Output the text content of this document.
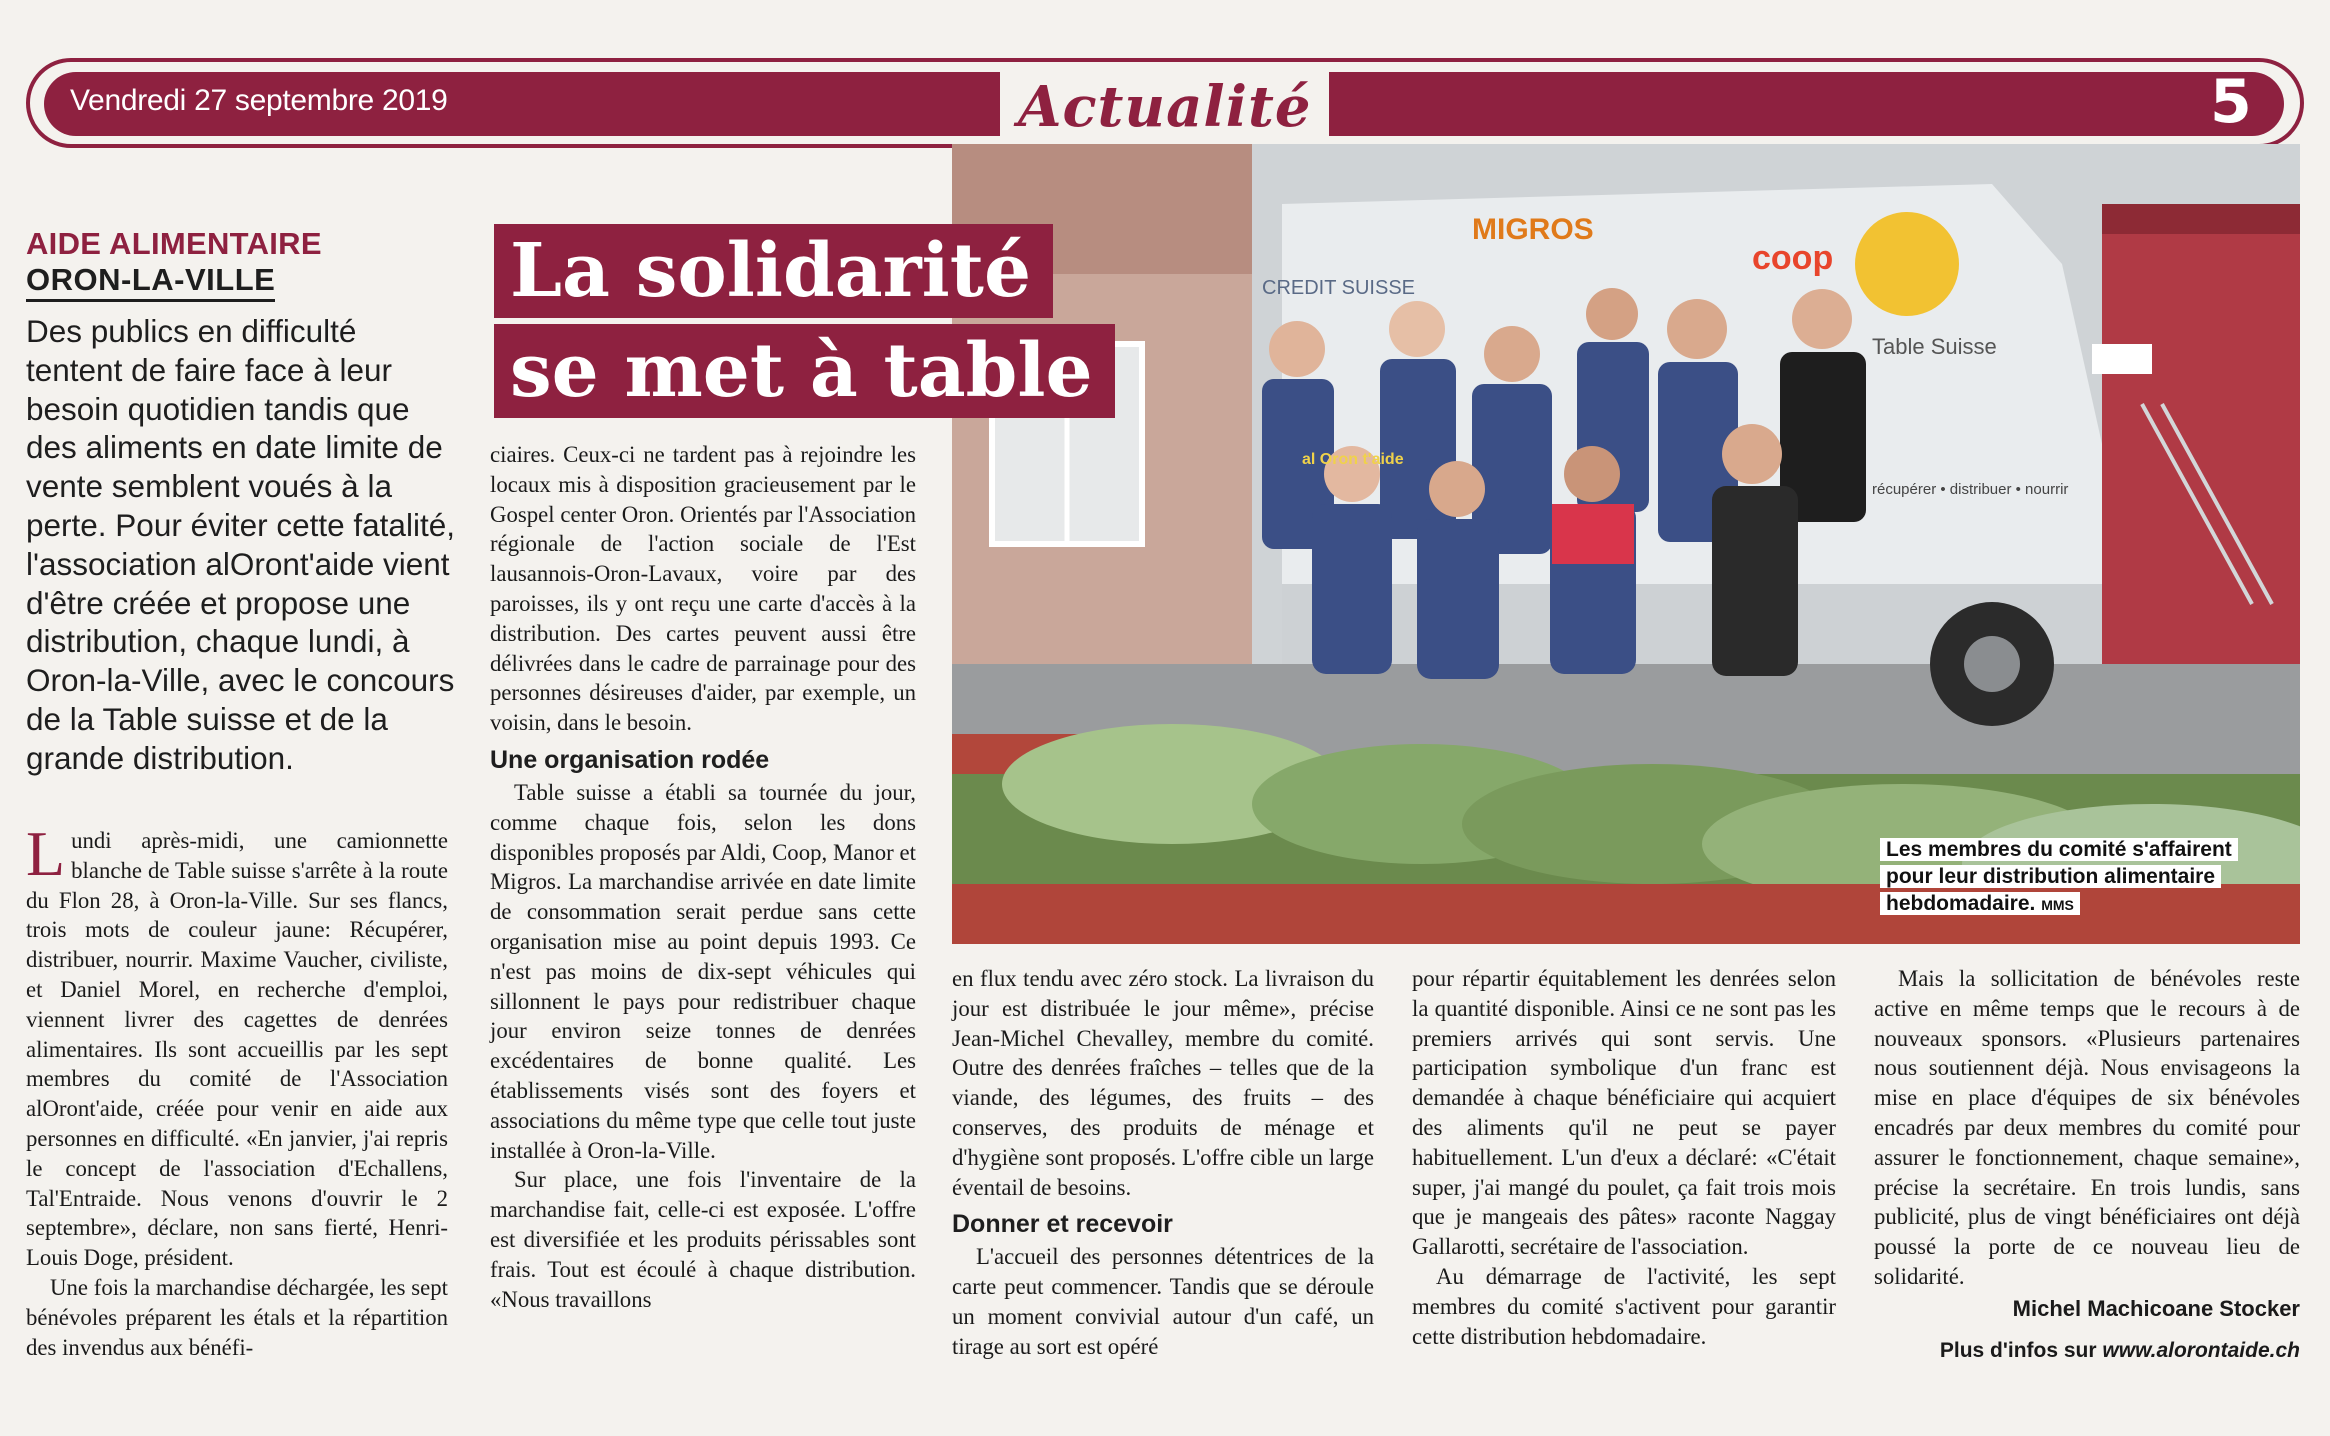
Vendredi 27 septembre 2019	Actualité	5
AIDE ALIMENTAIRE
ORON-LA-VILLE
Des publics en difficulté tentent de faire face à leur besoin quotidien tandis que des aliments en date limite de vente semblent voués à la perte. Pour éviter cette fatalité, l'association alOront'aide vient d'être créée et propose une distribution, chaque lundi, à Oron-la-Ville, avec le concours de la Table suisse et de la grande distribution.
MIGROS
coop
CREDIT SUISSE
Table Suisse
récupérer • distribuer • nourrir
al Oron t'aide
Les membres du comité s'affairent
pour leur distribution alimentaire
hebdomadaire. MMS
La solidarité
se met à table

Lundi après-midi, une camionnette blanche de Table suisse s'arrête à la route du Flon 28, à Oron-la-Ville. Sur ses flancs, trois mots de couleur jaune: Récupérer, distribuer, nourrir. Maxime Vaucher, civiliste, et Daniel Morel, en recherche d'emploi, viennent livrer des cagettes de denrées alimentaires. Ils sont accueillis par les sept membres du comité de l'Association alOront'aide, créée pour venir en aide aux personnes en difficulté. «En janvier, j'ai repris le concept de l'association d'Echallens, Tal'Entraide. Nous venons d'ouvrir le 2 septembre», déclare, non sans fierté, Henri-Louis Doge, président.

Une fois la marchandise déchargée, les sept bénévoles préparent les étals et la répartition des invendus aux bénéfi-

ciaires. Ceux-ci ne tardent pas à rejoindre les locaux mis à disposition gracieusement par le Gospel center Oron. Orientés par l'Association régionale de l'action sociale de l'Est lausannois-Oron-Lavaux, voire par des paroisses, ils y ont reçu une carte d'accès à la distribution. Des cartes peuvent aussi être délivrées dans le cadre de parrainage pour des personnes désireuses d'aider, par exemple, un voisin, dans le besoin.

Une organisation rodée

Table suisse a établi sa tournée du jour, comme chaque fois, selon les dons disponibles proposés par Aldi, Coop, Manor et Migros. La marchandise arrivée en date limite de consommation serait perdue sans cette organisation mise au point depuis 1993. Ce n'est pas moins de dix-sept véhicules qui sillonnent le pays pour redistribuer chaque jour environ seize tonnes de denrées excédentaires de bonne qualité. Les établissements visés sont des foyers et associations du même type que celle tout juste installée à Oron-la-Ville.

Sur place, une fois l'inventaire de la marchandise fait, celle-ci est exposée. L'offre est diversifiée et les produits périssables sont frais. Tout est écoulé à chaque distribution. «Nous travaillons

en flux tendu avec zéro stock. La livraison du jour est distribuée le jour même», précise Jean-Michel Chevalley, membre du comité. Outre des denrées fraîches – telles que de la viande, des légumes, des fruits – des conserves, des produits de ménage et d'hygiène sont proposés. L'offre cible un large éventail de besoins.

Donner et recevoir

L'accueil des personnes détentrices de la carte peut commencer. Tandis que se déroule un moment convivial autour d'un café, un tirage au sort est opéré

pour répartir équitablement les denrées selon la quantité disponible. Ainsi ce ne sont pas les premiers arrivés qui sont servis. Une participation symbolique d'un franc est demandée à chaque bénéficiaire qui acquiert des aliments qu'il ne peut se payer habituellement. L'un d'eux a déclaré: «C'était super, j'ai mangé du poulet, ça fait trois mois que je mangeais des pâtes» raconte Naggay Gallarotti, secrétaire de l'association.

Au démarrage de l'activité, les sept membres du comité s'activent pour garantir cette distribution hebdomadaire.

Mais la sollicitation de bénévoles reste active en même temps que le recours à de nouveaux sponsors. «Plusieurs partenaires nous soutiennent déjà. Nous envisageons la mise en place d'équipes de six bénévoles encadrés par deux membres du comité pour assurer le fonctionnement, chaque semaine», précise la secrétaire. En trois lundis, sans publicité, plus de vingt bénéficiaires ont déjà poussé la porte de ce nouveau lieu de solidarité.

Michel Machicoane Stocker
Plus d'infos sur www.alorontaide.ch
